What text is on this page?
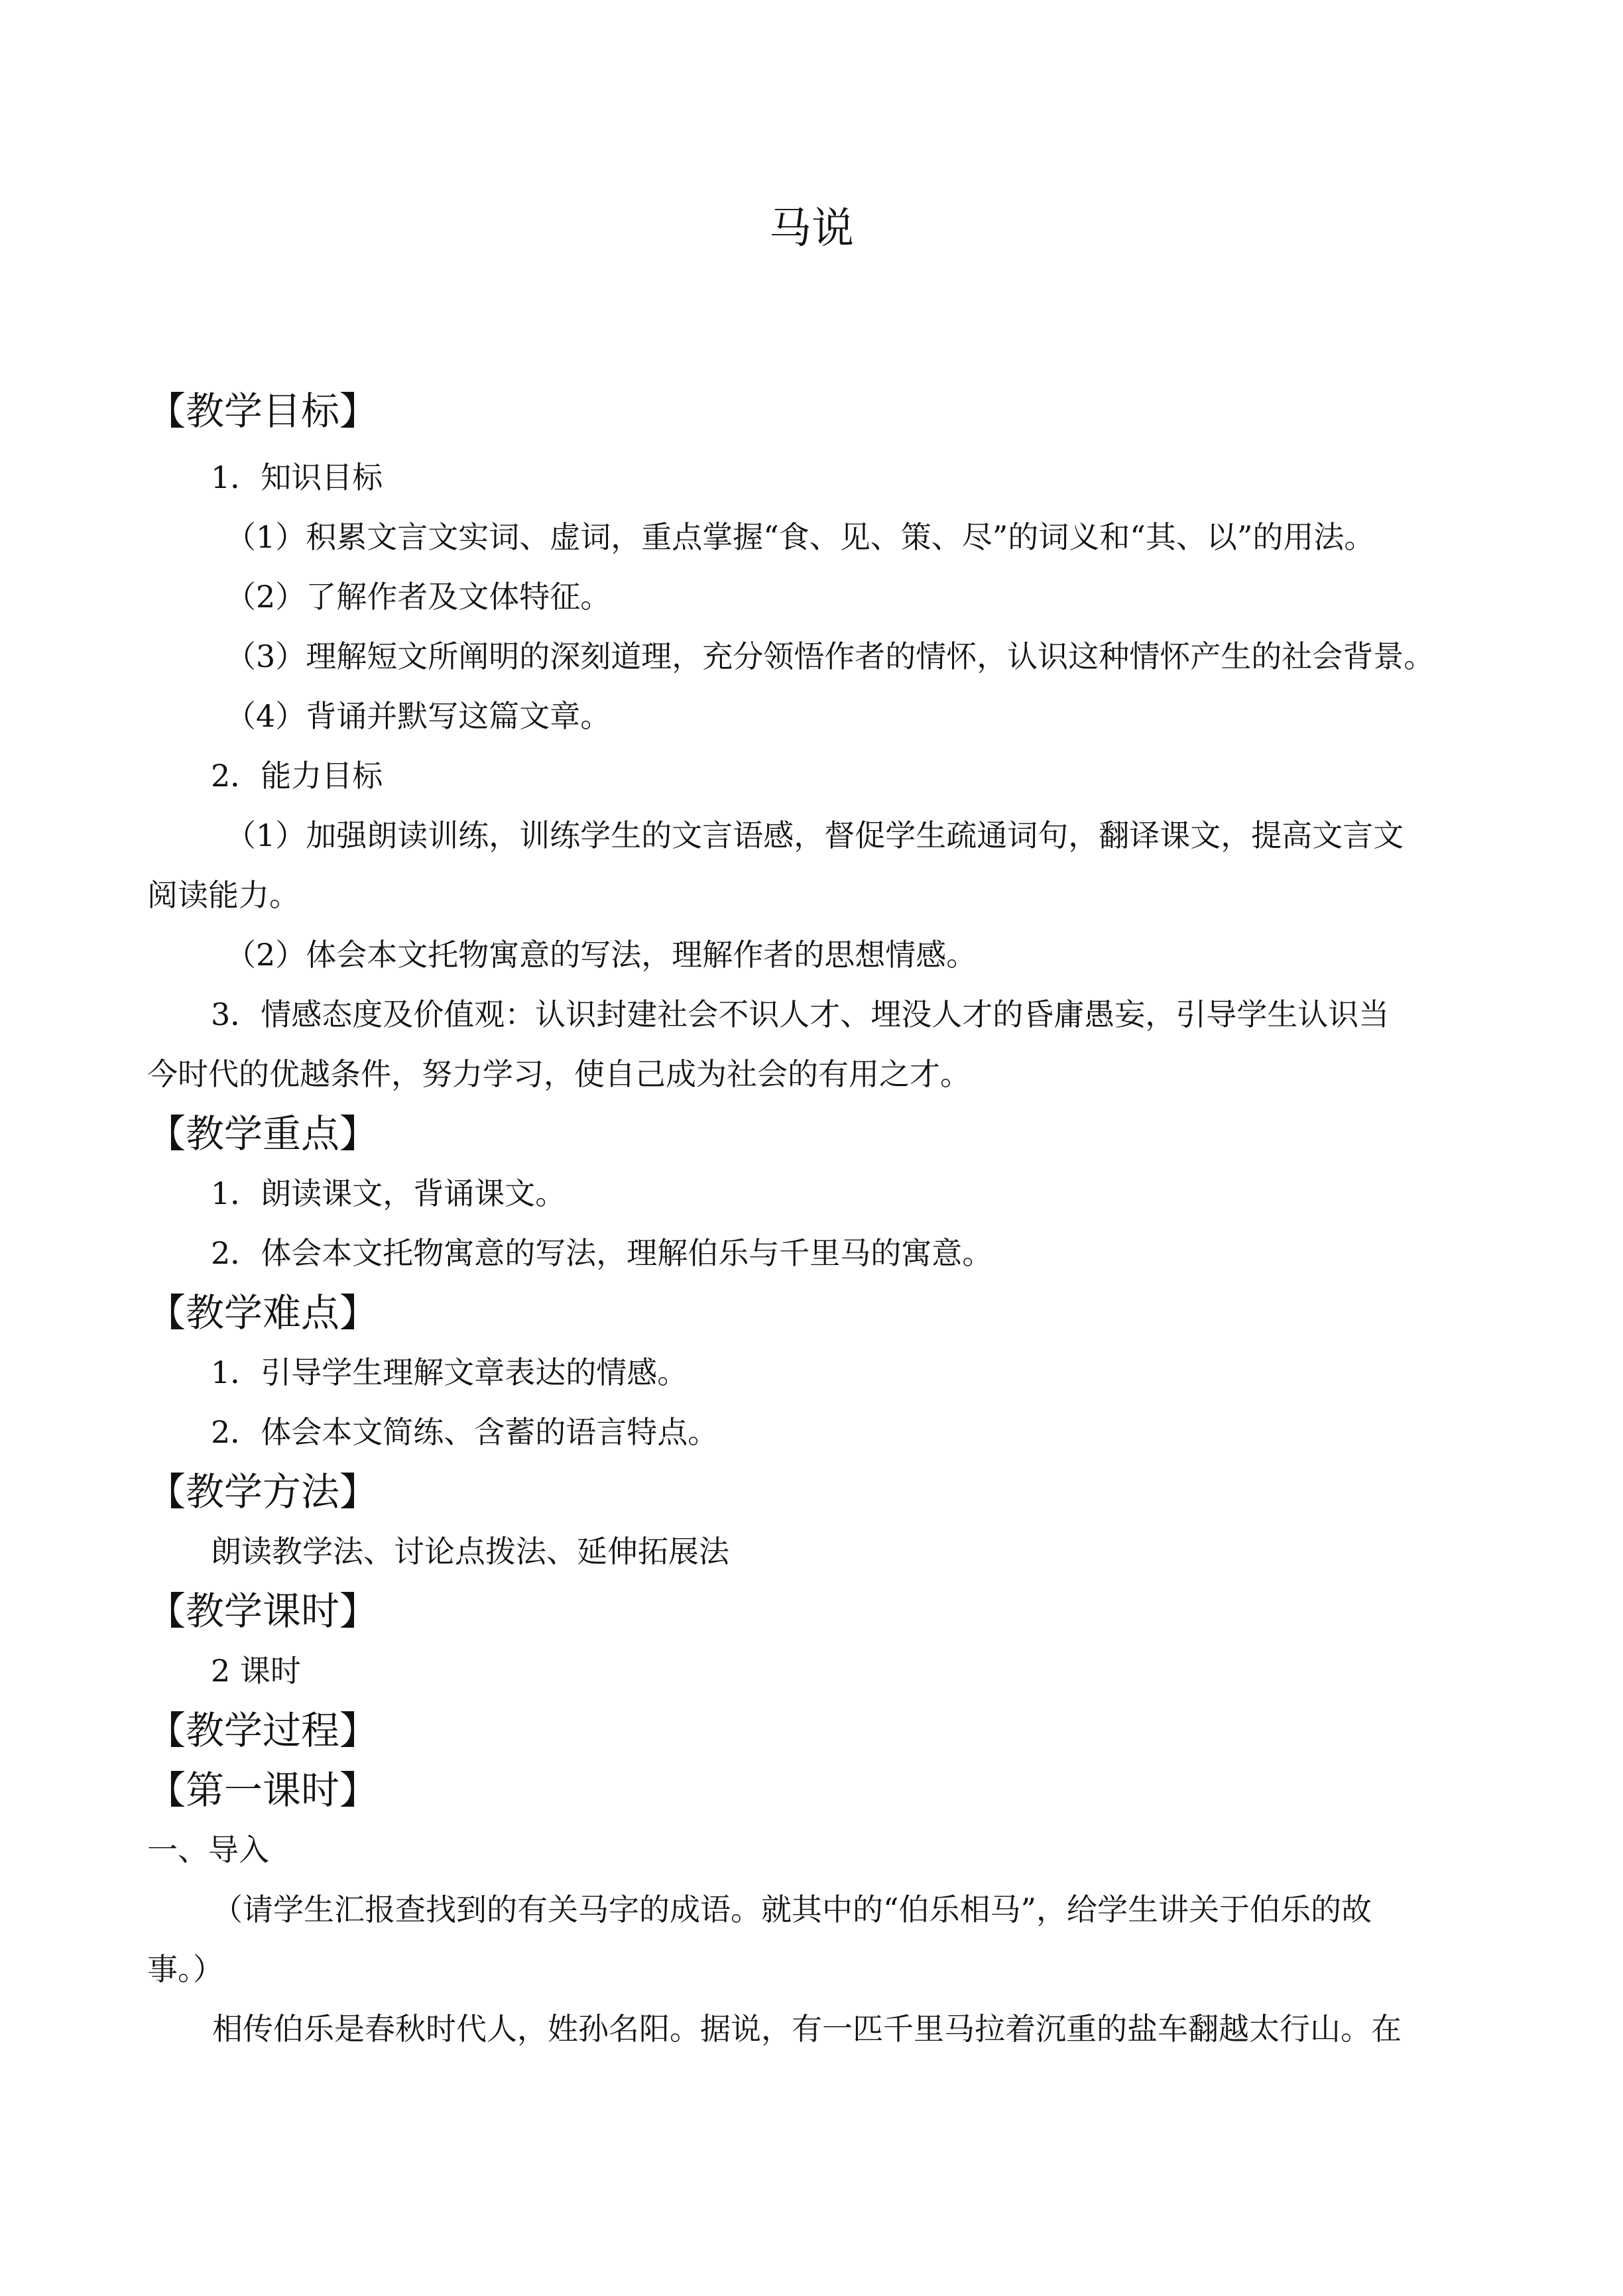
马说
【教学目标】
1．知识目标
（1）积累文言文实词、虚词，重点掌握“食、见、策、尽”的词义和“其、以”的用法。
（2）了解作者及文体特征。
（3）理解短文所阐明的深刻道理，充分领悟作者的情怀，认识这种情怀产生的社会背景。
（4）背诵并默写这篇文章。
2．能力目标
（1）加强朗读训练，训练学生的文言语感，督促学生疏通词句，翻译课文，提高文言文
阅读能力。
（2）体会本文托物寓意的写法，理解作者的思想情感。
3．情感态度及价值观：认识封建社会不识人才、埋没人才的昏庸愚妄，引导学生认识当
今时代的优越条件，努力学习，使自己成为社会的有用之才。
【教学重点】
1．朗读课文，背诵课文。
2．体会本文托物寓意的写法，理解伯乐与千里马的寓意。
【教学难点】
1．引导学生理解文章表达的情感。
2．体会本文简练、含蓄的语言特点。
【教学方法】
朗读教学法、讨论点拨法、延伸拓展法
【教学课时】
2 课时
【教学过程】
【第一课时】
一、导入
（请学生汇报查找到的有关马字的成语。就其中的“伯乐相马”，给学生讲关于伯乐的故
事。）
相传伯乐是春秋时代人，姓孙名阳。据说，有一匹千里马拉着沉重的盐车翻越太行山。在
